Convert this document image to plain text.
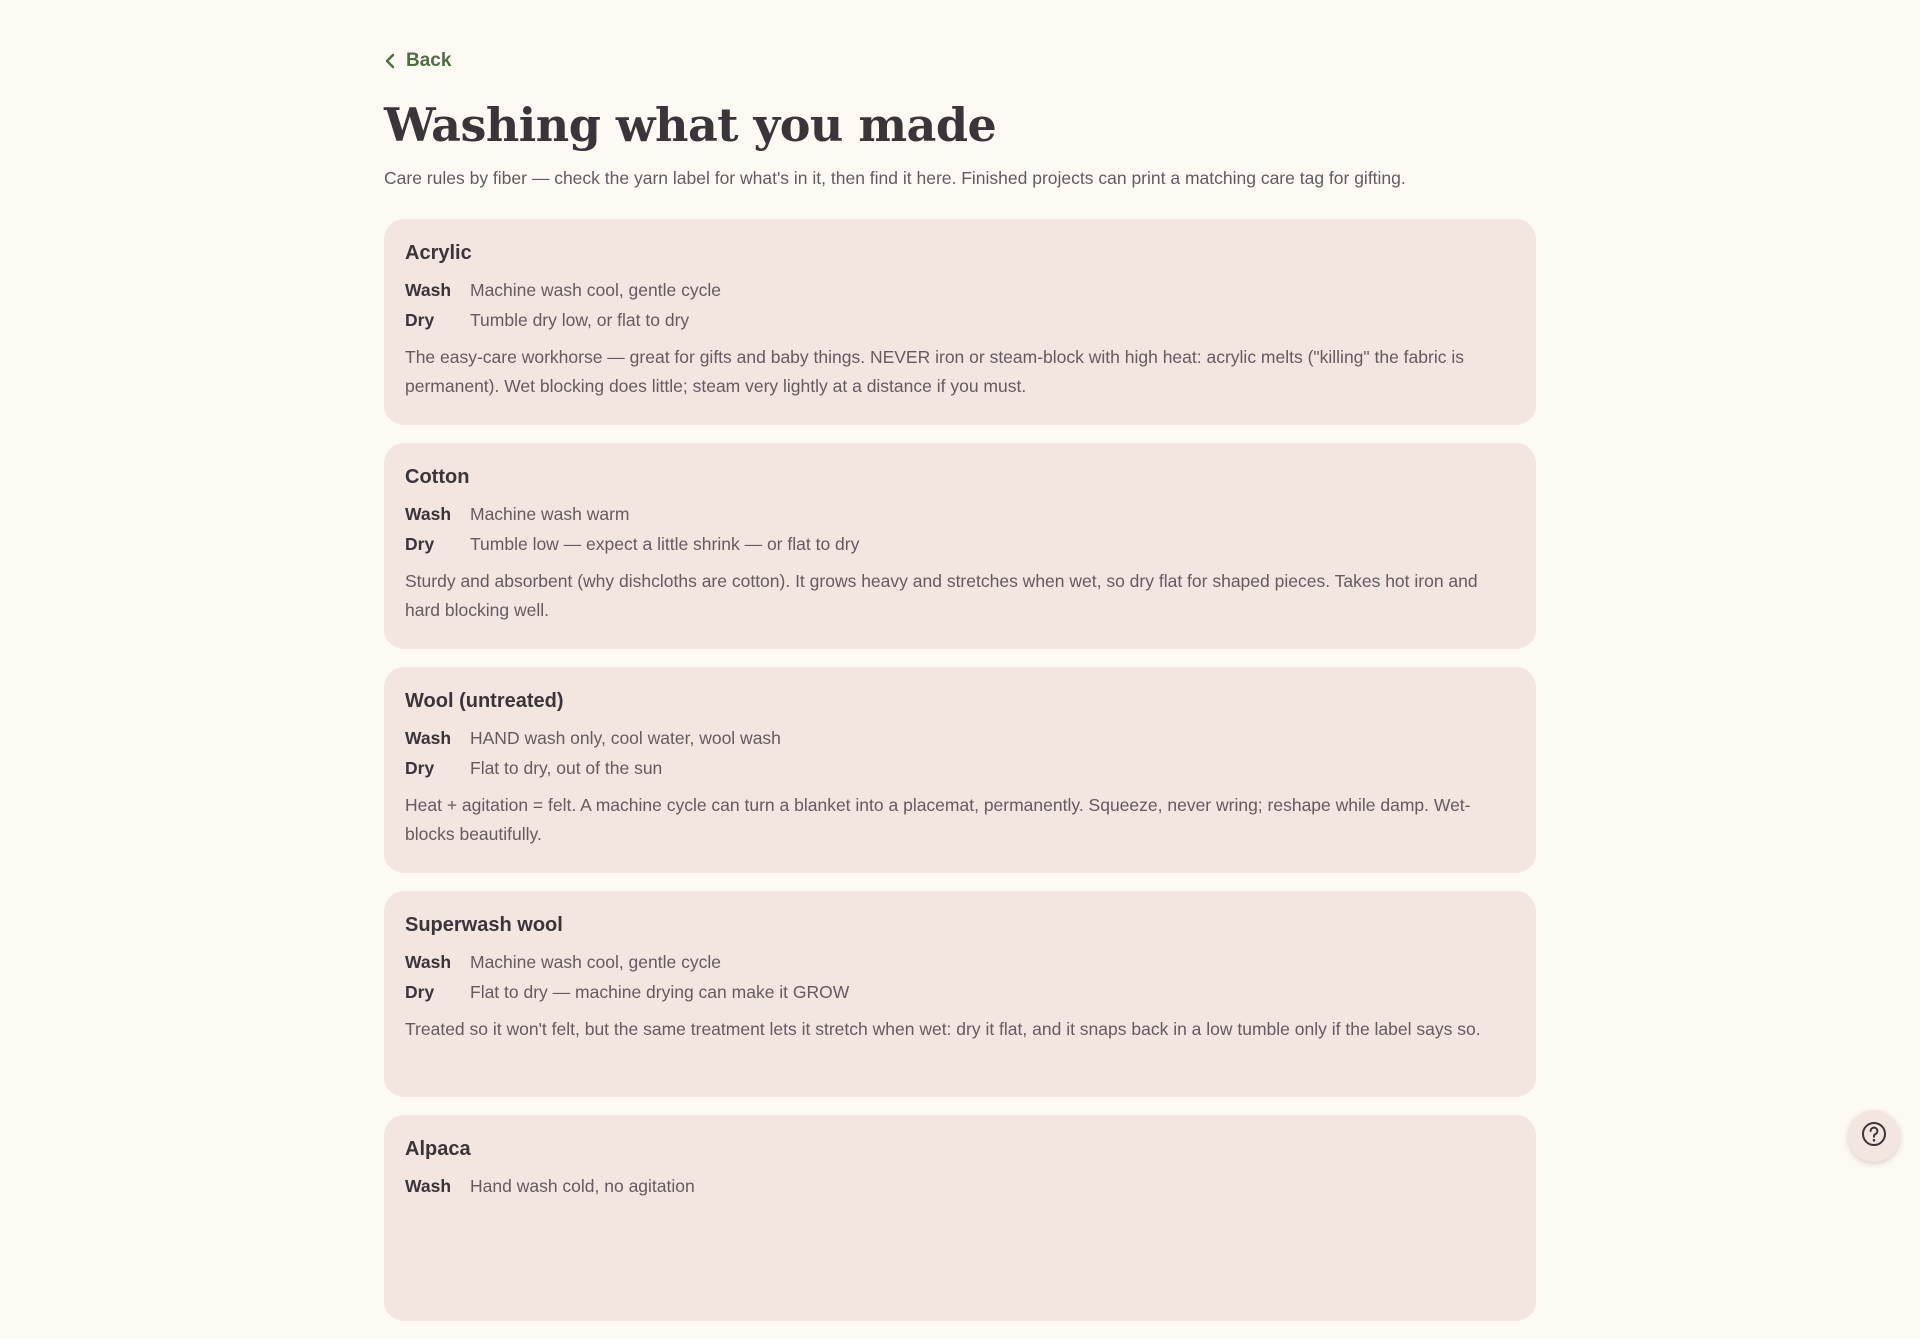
Back
Washing what you made

Care rules by fiber — check the yarn label for what's in it, then find it here. Finished projects can print a matching care tag for gifting.

Acrylic
Wash	Machine wash cool, gentle cycle
Dry	Tumble dry low, or flat to dry

The easy-care workhorse — great for gifts and baby things. NEVER iron or steam-block with high heat: acrylic melts ("killing" the fabric is permanent). Wet blocking does little; steam very lightly at a distance if you must.

Cotton
Wash	Machine wash warm
Dry	Tumble low — expect a little shrink — or flat to dry

Sturdy and absorbent (why dishcloths are cotton). It grows heavy and stretches when wet, so dry flat for shaped pieces. Takes hot iron and hard blocking well.

Wool (untreated)
Wash	HAND wash only, cool water, wool wash
Dry	Flat to dry, out of the sun

Heat + agitation = felt. A machine cycle can turn a blanket into a placemat, permanently. Squeeze, never wring; reshape while damp. Wet-blocks beautifully.

Superwash wool
Wash	Machine wash cool, gentle cycle
Dry	Flat to dry — machine drying can make it GROW

Treated so it won't felt, but the same treatment lets it stretch when wet: dry it flat, and it snaps back in a low tumble only if the label says so.

Alpaca
Wash	Hand wash cold, no agitation
